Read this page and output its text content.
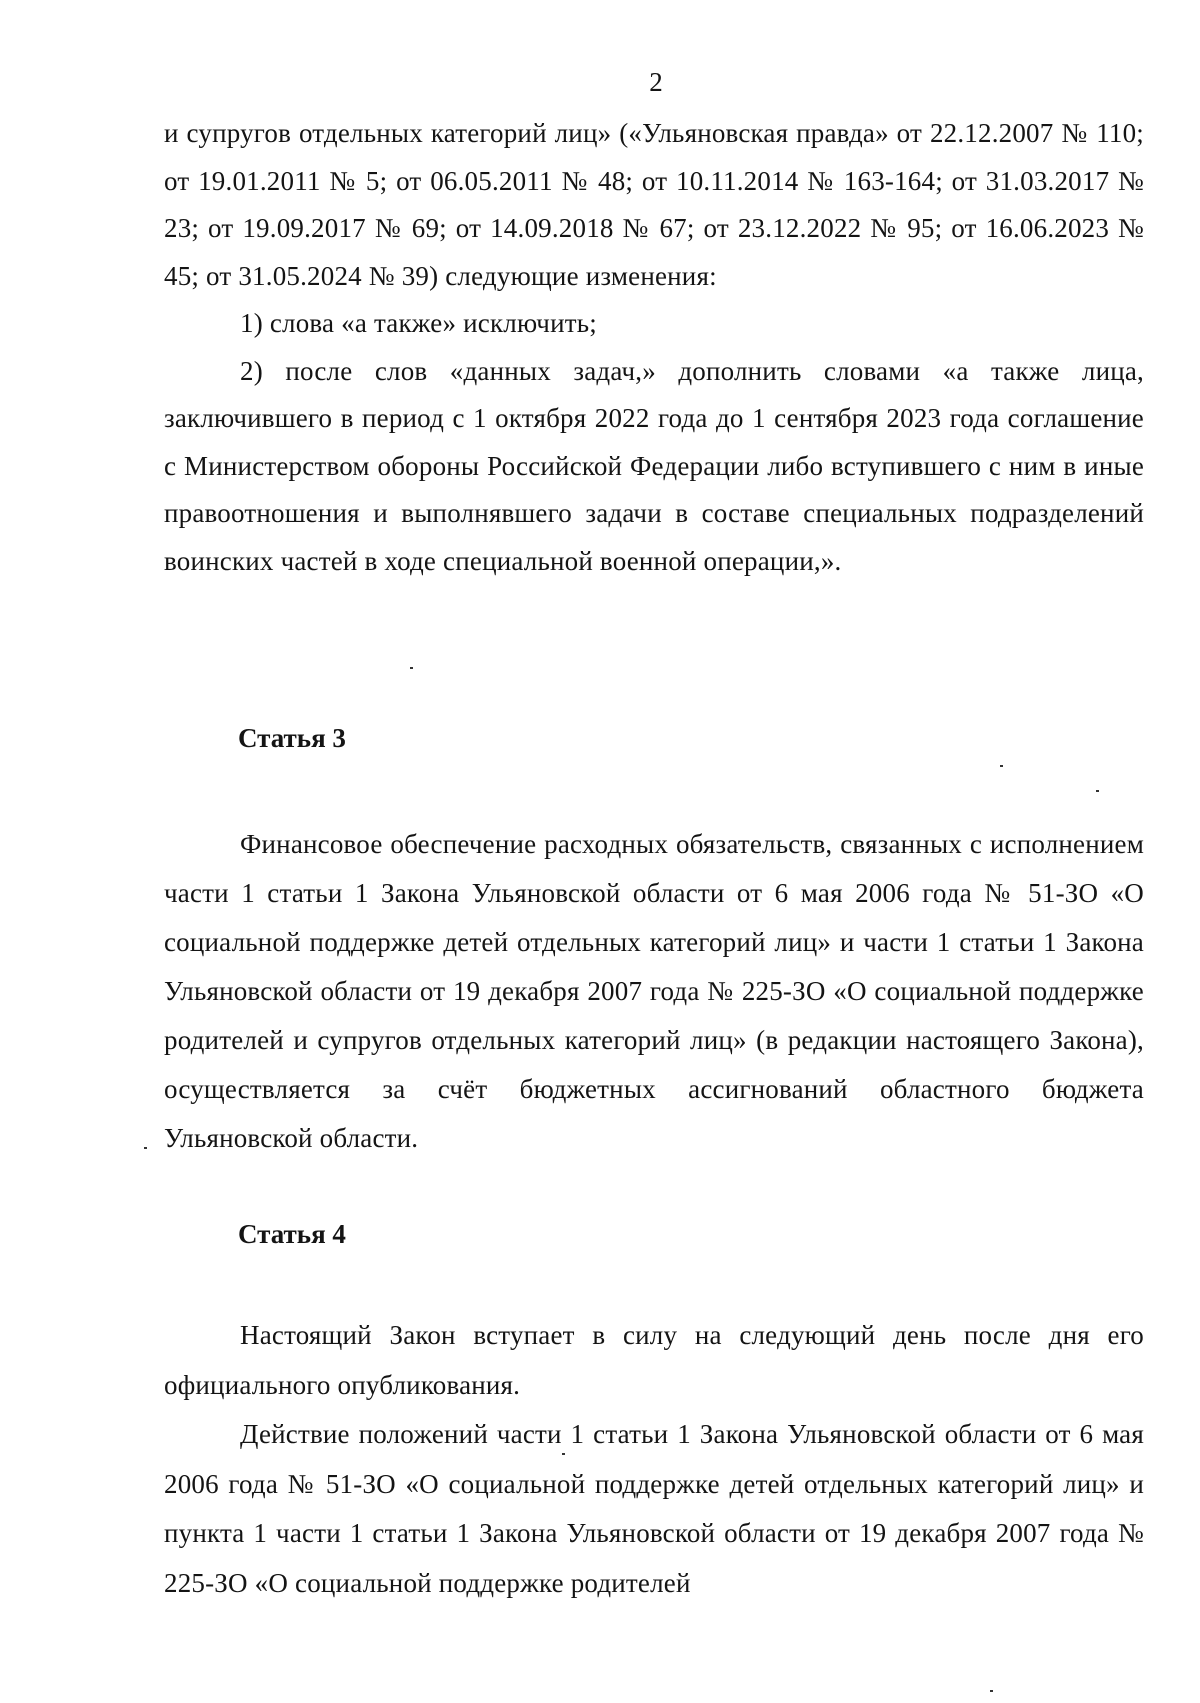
2

и супругов отдельных категорий лиц» («Ульяновская правда» от 22.12.2007 № 110; от 19.01.2011 № 5; от 06.05.2011 № 48; от 10.11.2014 № 163-164; от 31.03.2017 № 23; от 19.09.2017 № 69; от 14.09.2018 № 67; от 23.12.2022 № 95; от 16.06.2023 № 45; от 31.05.2024 № 39) следующие изменения:

1) слова «а также» исключить;

2) после слов «данных задач,» дополнить словами «а также лица, заключившего в период с 1 октября 2022 года до 1 сентября 2023 года соглашение с Министерством обороны Российской Федерации либо вступившего с ним в иные правоотношения и выполнявшего задачи в составе специальных подразделений воинских частей в ходе специальной военной операции,».

Статья 3

Финансовое обеспечение расходных обязательств, связанных с исполнением части 1 статьи 1 Закона Ульяновской области от 6 мая 2006 года № 51-ЗО «О социальной поддержке детей отдельных категорий лиц» и части 1 статьи 1 Закона Ульяновской области от 19 декабря 2007 года № 225-ЗО «О социальной поддержке родителей и супругов отдельных категорий лиц» (в редакции настоящего Закона), осуществляется за счёт бюджетных ассигнований областного бюджета Ульяновской области.

Статья 4

Настоящий Закон вступает в силу на следующий день после дня его официального опубликования.

Действие положений части 1 статьи 1 Закона Ульяновской области от 6 мая 2006 года № 51-ЗО «О социальной поддержке детей отдельных категорий лиц» и пункта 1 части 1 статьи 1 Закона Ульяновской области от 19 декабря 2007 года № 225-ЗО «О социальной поддержке родителей
